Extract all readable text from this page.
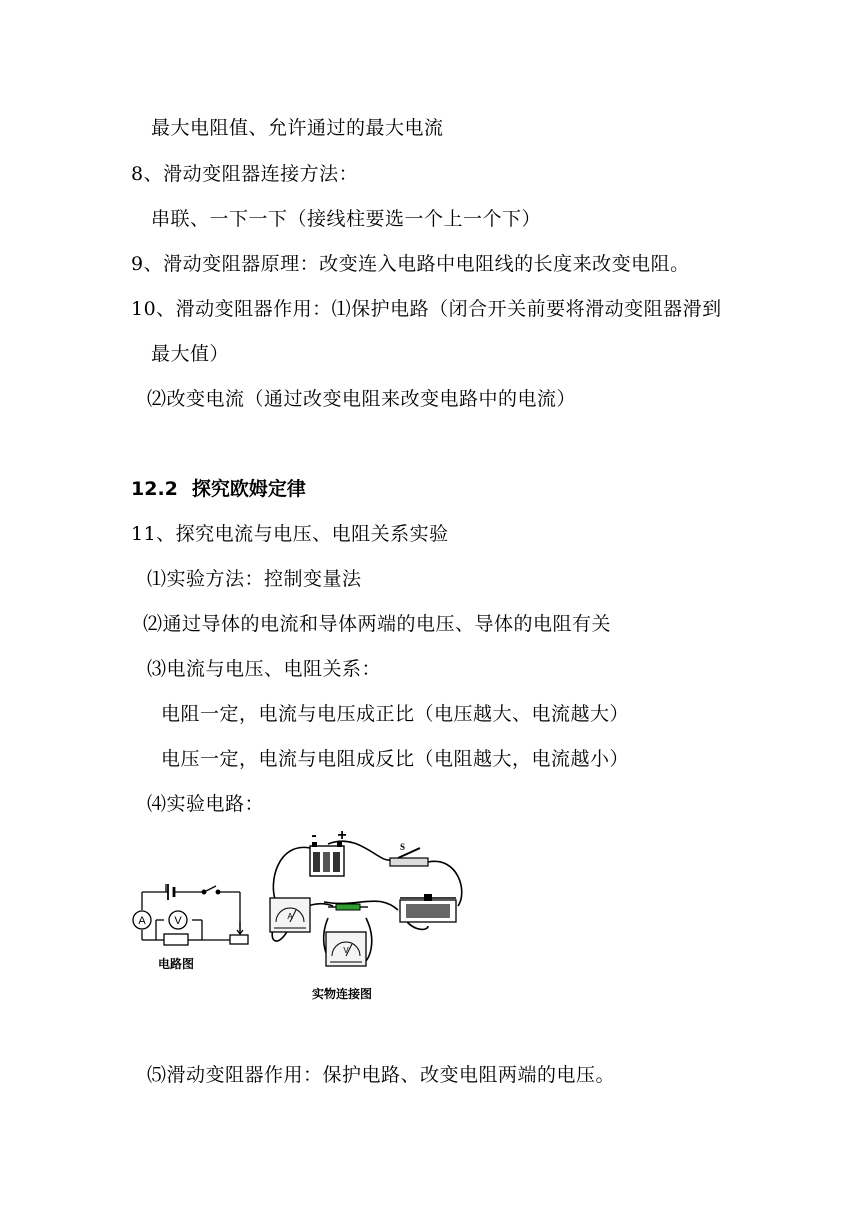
最大电阻值、允许通过的最大电流
8、滑动变阻器连接方法：
串联、一下一下（接线柱要选一个上一个下）
9、滑动变阻器原理：改变连入电路中电阻线的长度来改变电阻。
10、滑动变阻器作用：⑴保护电路（闭合开关前要将滑动变阻器滑到
最大值）
⑵改变电流（通过改变电阻来改变电路中的电流）
12.2 探究欧姆定律
11、探究电流与电压、电阻关系实验
⑴实验方法：控制变量法
⑵通过导体的电流和导体两端的电压、导体的电阻有关
⑶电流与电压、电阻关系：
电阻一定，电流与电压成正比（电压越大、电流越大）
电压一定，电流与电阻成反比（电阻越大，电流越小）
⑷实验电路：
A	V
电路图
- +
S
A
V
实物连接图
⑸滑动变阻器作用：保护电路、改变电阻两端的电压。
